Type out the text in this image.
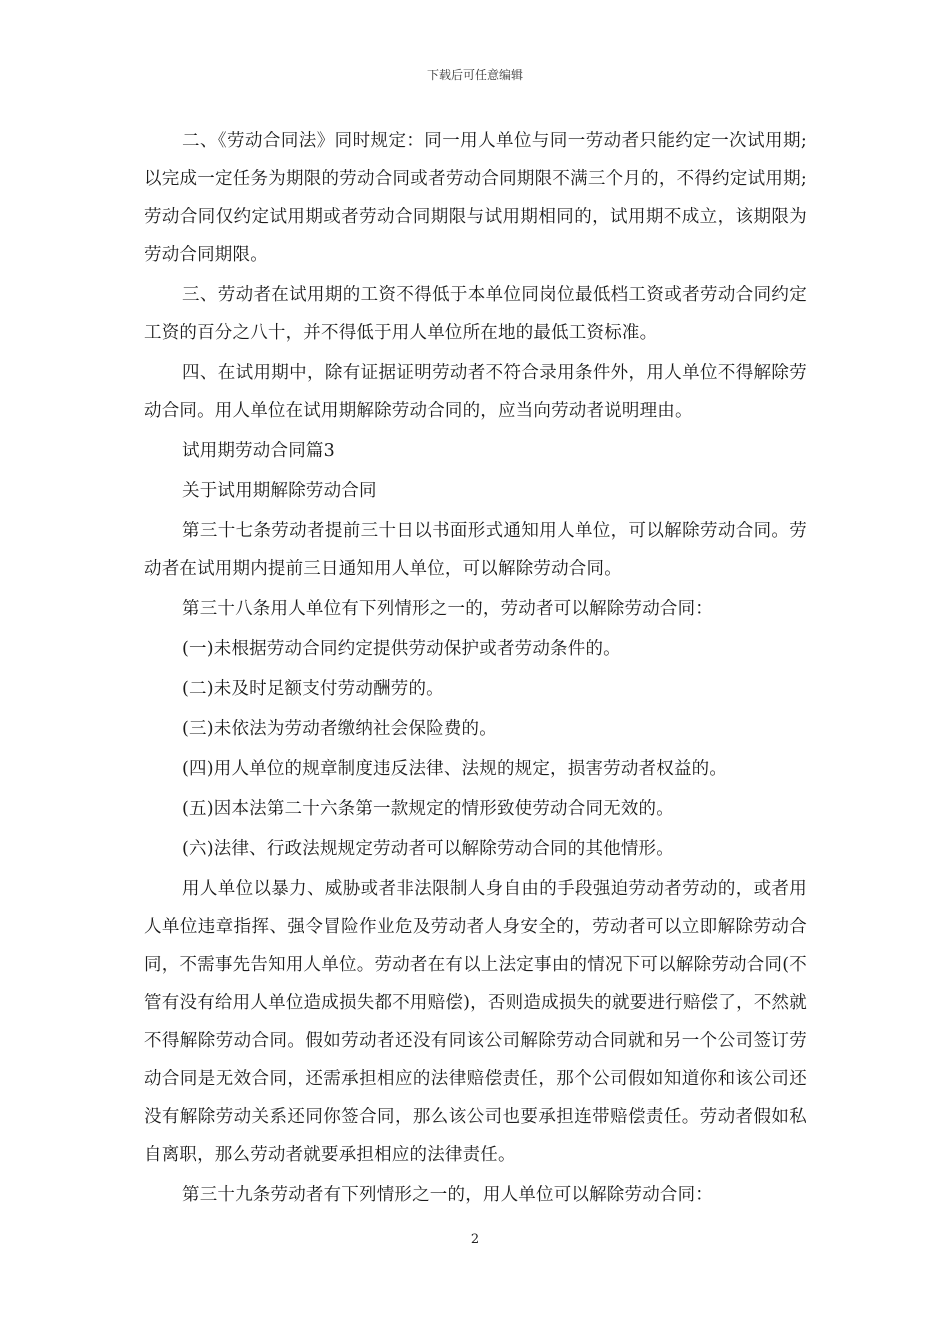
下载后可任意编辑

二、《劳动合同法》同时规定：同一用人单位与同一劳动者只能约定一次试用期;以完成一定任务为期限的劳动合同或者劳动合同期限不满三个月的，不得约定试用期;劳动合同仅约定试用期或者劳动合同期限与试用期相同的，试用期不成立，该期限为劳动合同期限。

三、劳动者在试用期的工资不得低于本单位同岗位最低档工资或者劳动合同约定工资的百分之八十，并不得低于用人单位所在地的最低工资标准。

四、在试用期中，除有证据证明劳动者不符合录用条件外，用人单位不得解除劳动合同。用人单位在试用期解除劳动合同的，应当向劳动者说明理由。

试用期劳动合同篇3

关于试用期解除劳动合同

第三十七条劳动者提前三十日以书面形式通知用人单位，可以解除劳动合同。劳动者在试用期内提前三日通知用人单位，可以解除劳动合同。

第三十八条用人单位有下列情形之一的，劳动者可以解除劳动合同：

(一)未根据劳动合同约定提供劳动保护或者劳动条件的。

(二)未及时足额支付劳动酬劳的。

(三)未依法为劳动者缴纳社会保险费的。

(四)用人单位的规章制度违反法律、法规的规定，损害劳动者权益的。

(五)因本法第二十六条第一款规定的情形致使劳动合同无效的。

(六)法律、行政法规规定劳动者可以解除劳动合同的其他情形。

用人单位以暴力、威胁或者非法限制人身自由的手段强迫劳动者劳动的，或者用人单位违章指挥、强令冒险作业危及劳动者人身安全的，劳动者可以立即解除劳动合同，不需事先告知用人单位。劳动者在有以上法定事由的情况下可以解除劳动合同(不管有没有给用人单位造成损失都不用赔偿)，否则造成损失的就要进行赔偿了，不然就不得解除劳动合同。假如劳动者还没有同该公司解除劳动合同就和另一个公司签订劳动合同是无效合同，还需承担相应的法律赔偿责任，那个公司假如知道你和该公司还没有解除劳动关系还同你签合同，那么该公司也要承担连带赔偿责任。劳动者假如私自离职，那么劳动者就要承担相应的法律责任。

第三十九条劳动者有下列情形之一的，用人单位可以解除劳动合同：

2
